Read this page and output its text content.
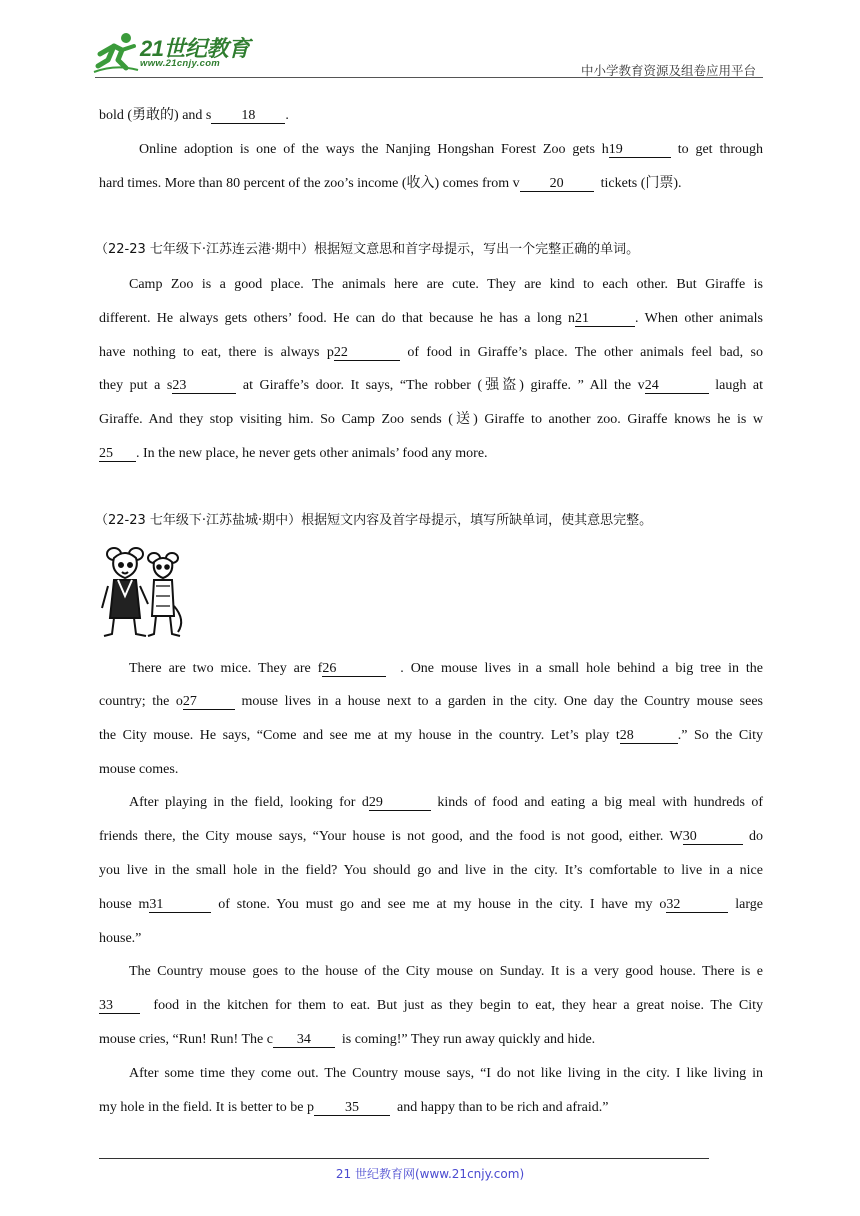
21世纪教育
www.21cnjy.com	中小学教育资源及组卷应用平台
bold (勇敢的) and s 18 .
Online adoption is one of the ways the Nanjing Hongshan Forest Zoo gets h19	to get through
hard times. More than 80 percent of the zoo’s income (收入) comes from v 20	tickets (门票).
（22-23 七年级下·江苏连云港·期中）根据短文意思和首字母提示，写出一个完整正确的单词。
Camp Zoo is a good place. The animals here are cute. They are kind to each other. But Giraffe is
different. He always gets others’ food. He can do that because he has a long n21	. When other animals
have nothing to eat, there is always p22	of food in Giraffe’s place. The other animals feel bad, so
they put a s23	at Giraffe’s door. It says, “The robber (强盗) giraffe. ” All the v24	laugh at
Giraffe. And they stop visiting him. So Camp Zoo sends (送) Giraffe to another zoo. Giraffe knows he is w
25 . In the new place, he never gets other animals’ food any more.
（22-23 七年级下·江苏盐城·期中）根据短文内容及首字母提示，填写所缺单词，使其意思完整。
There are two mice. They are f26	. One mouse lives in a small hole behind a big tree in the
country; the o27	mouse lives in a house next to a garden in the city. One day the Country mouse sees
the City mouse. He says, “Come and see me at my house in the country. Let’s play t28	.” So the City
mouse comes.
After playing in the field, looking for d29	kinds of food and eating a big meal with hundreds of
friends there, the City mouse says, “Your house is not good, and the food is not good, either. W30	do
you live in the small hole in the field? You should go and live in the city. It’s comfortable to live in a nice
house m31	of stone. You must go and see me at my house in the city. I have my o32	large
house.”
The Country mouse goes to the house of the City mouse on Sunday. It is a very good house. There is e
33	food in the kitchen for them to eat. But just as they begin to eat, they hear a great noise. The City
mouse cries, “Run! Run! The c 34 is coming!” They run away quickly and hide.
After some time they come out. The Country mouse says, “I do not like living in the city. I like living in
my hole in the field. It is better to be p 35	and happy than to be rich and afraid.”
21 世纪教育网(www.21cnjy.com)
